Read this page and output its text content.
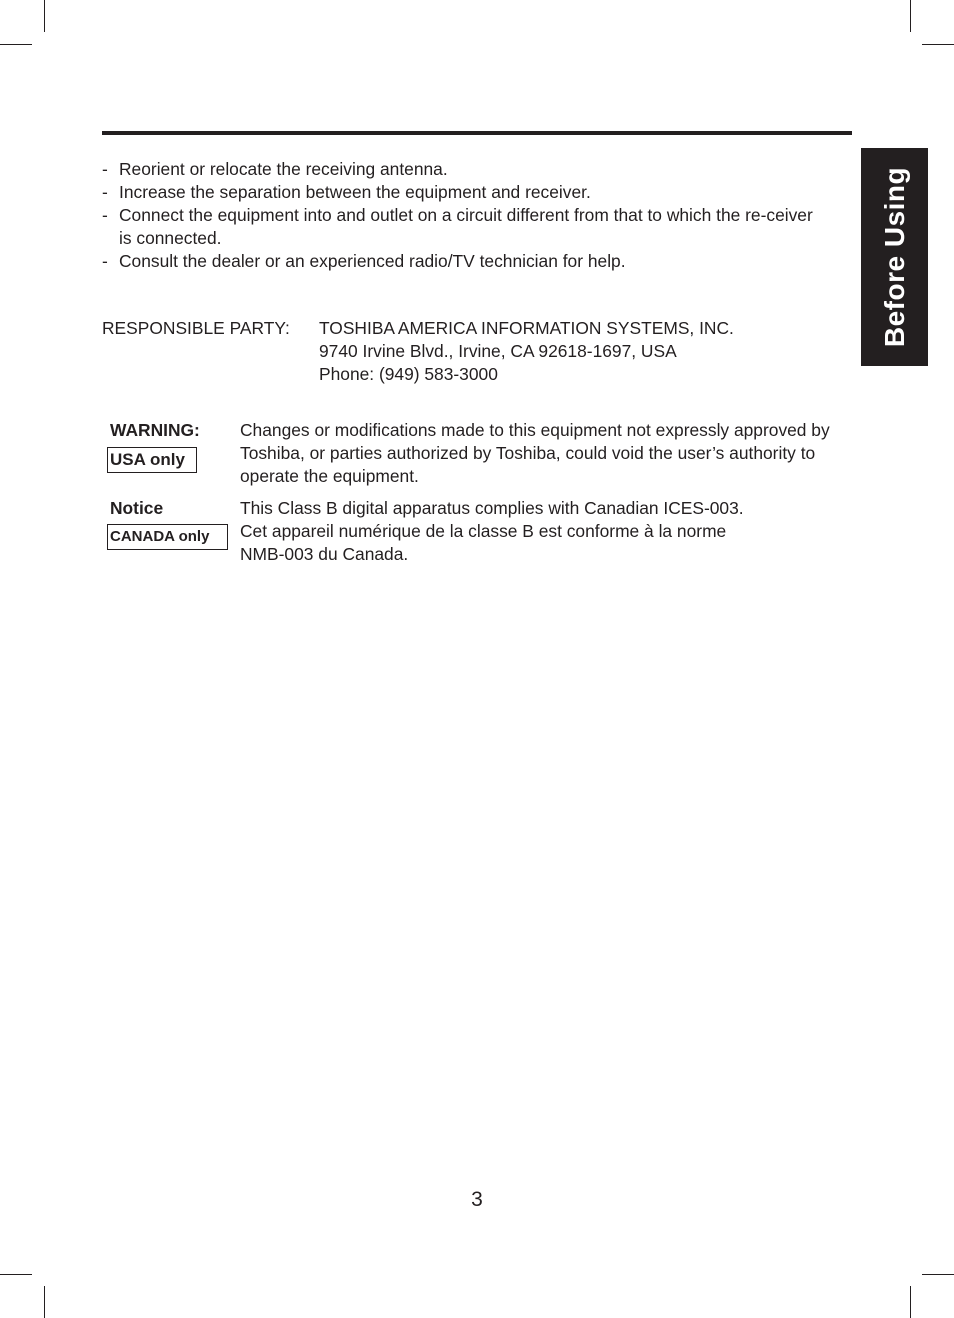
Before Using
- Reorient or relocate the receiving antenna.
- Increase the separation between the equipment and receiver.
- Connect the equipment into and outlet on a circuit different from that to which the re-ceiver is connected.
- Consult the dealer or an experienced radio/TV technician for help.
RESPONSIBLE PARTY: TOSHIBA AMERICA INFORMATION SYSTEMS, INC.
9740 Irvine Blvd., Irvine, CA 92618-1697, USA
Phone: (949) 583-3000
WARNING:
USA only
Changes or modifications made to this equipment not expressly approved by Toshiba, or parties authorized by Toshiba, could void the user’s authority to operate the equipment.
Notice
CANADA only
This Class B digital apparatus complies with Canadian ICES-003.
Cet appareil numérique de la classe B est conforme à la norme
NMB-003 du Canada.
3
